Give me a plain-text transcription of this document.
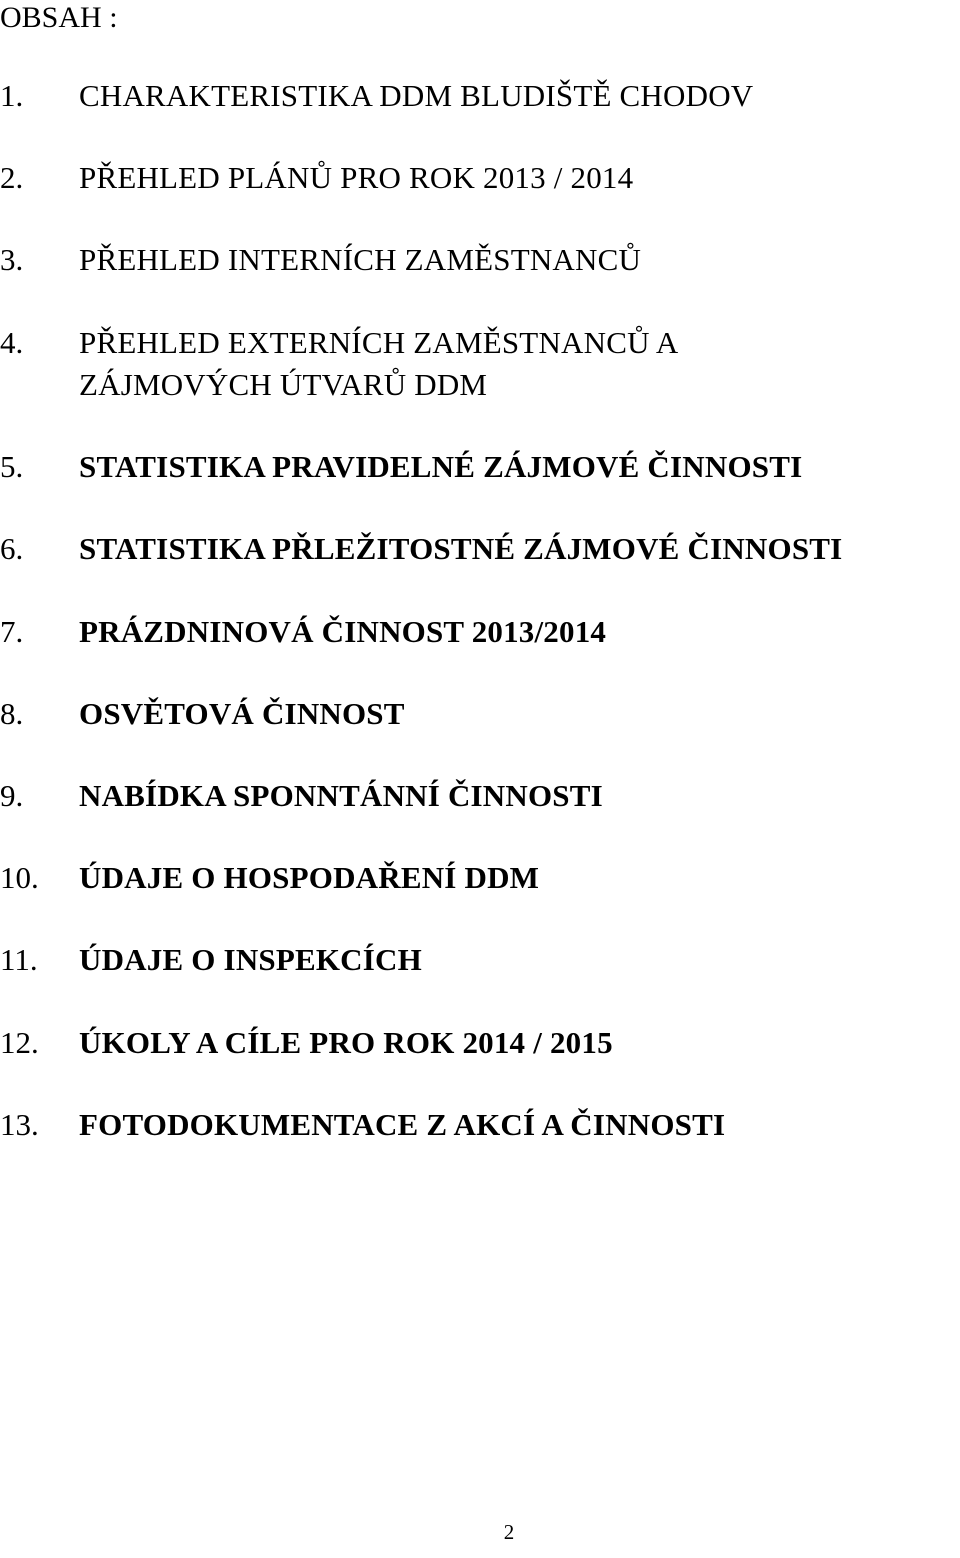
OBSAH :
1. CHARAKTERISTIKA DDM BLUDIŠTĚ CHODOV
2. PŘEHLED PLÁNŮ PRO ROK 2013 / 2014
3. PŘEHLED INTERNÍCH ZAMĚSTNANCŮ
4. PŘEHLED EXTERNÍCH ZAMĚSTNANCŮ A
ZÁJMOVÝCH ÚTVARŮ DDM
5. STATISTIKA PRAVIDELNÉ ZÁJMOVÉ ČINNOSTI
6. STATISTIKA PŘLEŽITOSTNÉ ZÁJMOVÉ ČINNOSTI
7. PRÁZDNINOVÁ ČINNOST 2013/2014
8. OSVĚTOVÁ ČINNOST
9. NABÍDKA SPONNTÁNNÍ ČINNOSTI
10. ÚDAJE O HOSPODAŘENÍ DDM
11. ÚDAJE O INSPEKCÍCH
12. ÚKOLY A CÍLE PRO ROK 2014 / 2015
13. FOTODOKUMENTACE Z AKCÍ A ČINNOSTI
2
